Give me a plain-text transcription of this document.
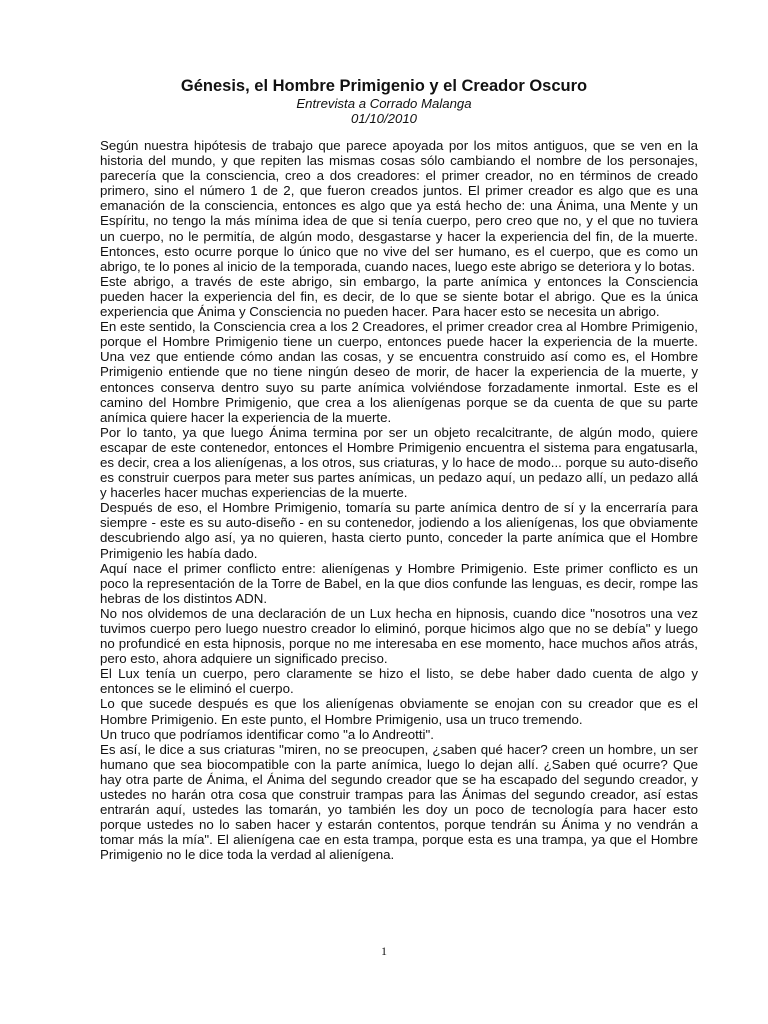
Génesis, el Hombre Primigenio y el Creador Oscuro

Entrevista a Corrado Malanga

01/10/2010

Según nuestra hipótesis de trabajo que parece apoyada por los mitos antiguos, que se ven en la historia del mundo, y que repiten las mismas cosas sólo cambiando el nombre de los personajes, parecería que la consciencia, creo a dos creadores: el primer creador, no en términos de creado primero, sino el número 1 de 2, que fueron creados juntos. El primer creador es algo que es una emanación de la consciencia, entonces es algo que ya está hecho de: una Ánima, una Mente y un Espíritu, no tengo la más mínima idea de que si tenía cuerpo, pero creo que no, y el que no tuviera un cuerpo, no le permitía, de algún modo, desgastarse y hacer la experiencia del fin, de la muerte. Entonces, esto ocurre porque lo único que no vive del ser humano, es el cuerpo, que es como un abrigo, te lo pones al inicio de la temporada, cuando naces, luego este abrigo se deteriora y lo botas.

Este abrigo, a través de este abrigo, sin embargo, la parte anímica y entonces la Consciencia pueden hacer la experiencia del fin, es decir, de lo que se siente botar el abrigo. Que es la única experiencia que Ánima y Consciencia no pueden hacer. Para hacer esto se necesita un abrigo.

En este sentido, la Consciencia crea a los 2 Creadores, el primer creador crea al Hombre Primigenio, porque el Hombre Primigenio tiene un cuerpo, entonces puede hacer la experiencia de la muerte. Una vez que entiende cómo andan las cosas, y se encuentra construido así como es, el Hombre Primigenio entiende que no tiene ningún deseo de morir, de hacer la experiencia de la muerte, y entonces conserva dentro suyo su parte anímica volviéndose forzadamente inmortal. Este es el camino del Hombre Primigenio, que crea a los alienígenas porque se da cuenta de que su parte anímica quiere hacer la experiencia de la muerte.

Por lo tanto, ya que luego Ánima termina por ser un objeto recalcitrante, de algún modo, quiere escapar de este contenedor, entonces el Hombre Primigenio encuentra el sistema para engatusarla, es decir, crea a los alienígenas, a los otros, sus criaturas, y lo hace de modo... porque su auto-diseño es construir cuerpos para meter sus partes anímicas, un pedazo aquí, un pedazo allí, un pedazo allá y hacerles hacer muchas experiencias de la muerte.

Después de eso, el Hombre Primigenio, tomaría su parte anímica dentro de sí y la encerraría para siempre - este es su auto-diseño - en su contenedor, jodiendo a los alienígenas, los que obviamente descubriendo algo así, ya no quieren, hasta cierto punto, conceder la parte anímica que el Hombre Primigenio les había dado.

Aquí nace el primer conflicto entre: alienígenas y Hombre Primigenio. Este primer conflicto es un poco la representación de la Torre de Babel, en la que dios confunde las lenguas, es decir, rompe las hebras de los distintos ADN.

No nos olvidemos de una declaración de un Lux hecha en hipnosis, cuando dice "nosotros una vez tuvimos cuerpo pero luego nuestro creador lo eliminó, porque hicimos algo que no se debía" y luego no profundicé en esta hipnosis, porque no me interesaba en ese momento, hace muchos años atrás, pero esto, ahora adquiere un significado preciso.

El Lux tenía un cuerpo, pero claramente se hizo el listo, se debe haber dado cuenta de algo y entonces se le eliminó el cuerpo.

Lo que sucede después es que los alienígenas obviamente se enojan con su creador que es el Hombre Primigenio. En este punto, el Hombre Primigenio, usa un truco tremendo.

Un truco que podríamos identificar como "a lo Andreotti".

Es así, le dice a sus criaturas "miren, no se preocupen, ¿saben qué hacer? creen un hombre, un ser humano que sea biocompatible con la parte anímica, luego lo dejan allí. ¿Saben qué ocurre? Que hay otra parte de Ánima, el Ánima del segundo creador que se ha escapado del segundo creador, y ustedes no harán otra cosa que construir trampas para las Ánimas del segundo creador, así estas entrarán aquí, ustedes las tomarán, yo también les doy un poco de tecnología para hacer esto porque ustedes no lo saben hacer y estarán contentos, porque tendrán su Ánima y no vendrán a tomar más la mía". El alienígena cae en esta trampa, porque esta es una trampa, ya que el Hombre Primigenio no le dice toda la verdad al alienígena.

1
